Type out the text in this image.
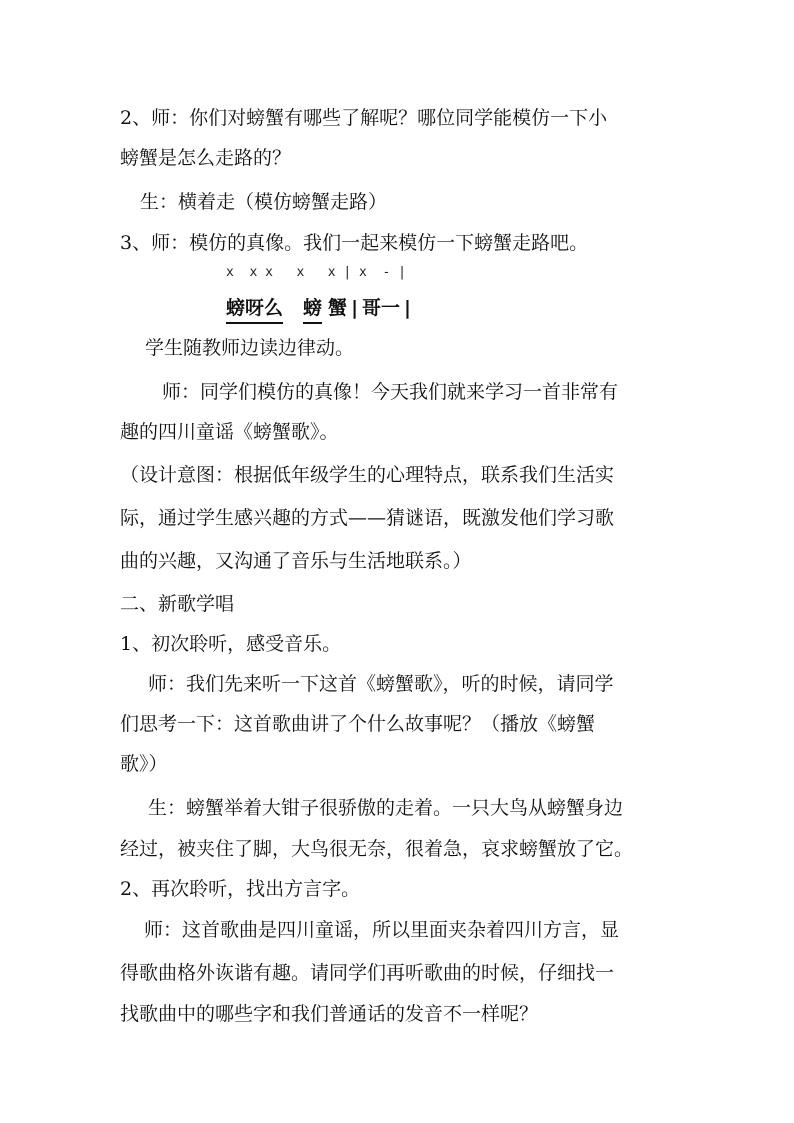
2、师：你们对螃蟹有哪些了解呢？哪位同学能模仿一下小
螃蟹是怎么走路的？
生：横着走（模仿螃蟹走路）
3、师：模仿的真像。我们一起来模仿一下螃蟹走路吧。
x  x x   x   x | x  - |
螃呀么 螃 蟹 | 哥一 |
学生随教师边读边律动。
师：同学们模仿的真像！今天我们就来学习一首非常有
趣的四川童谣《螃蟹歌》。
（设计意图：根据低年级学生的心理特点，联系我们生活实
际，通过学生感兴趣的方式——猜谜语，既激发他们学习歌
曲的兴趣，又沟通了音乐与生活地联系。）
二、新歌学唱
1、初次聆听，感受音乐。
师：我们先来听一下这首《螃蟹歌》，听的时候，请同学
们思考一下：这首歌曲讲了个什么故事呢？（播放《螃蟹
歌》）
生：螃蟹举着大钳子很骄傲的走着。一只大鸟从螃蟹身边
经过，被夹住了脚，大鸟很无奈，很着急，哀求螃蟹放了它。
2、再次聆听，找出方言字。
师：这首歌曲是四川童谣，所以里面夹杂着四川方言，显
得歌曲格外诙谐有趣。请同学们再听歌曲的时候，仔细找一
找歌曲中的哪些字和我们普通话的发音不一样呢？
